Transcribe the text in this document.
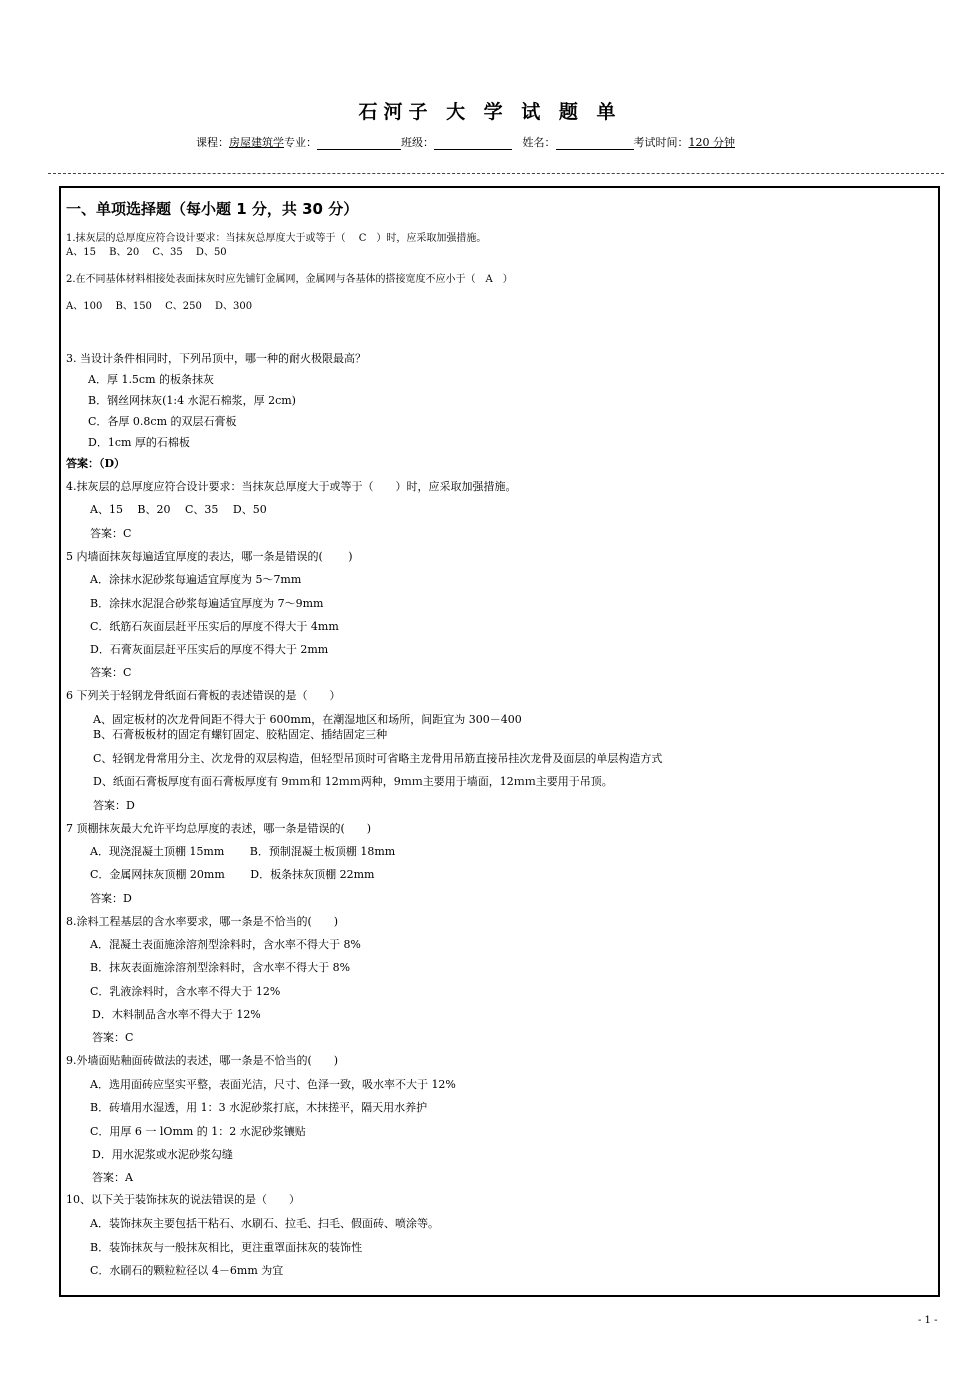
石河子 大 学 试 题 单
课程：房屋建筑学专业：	班级：	姓名：	考试时间：120 分钟
一、单项选择题（每小题 1 分，共 30 分）
1.抹灰层的总厚度应符合设计要求：当抹灰总厚度大于或等于（　 C　）时，应采取加强措施。
A、15　 B、20　 C、35　 D、50
2.在不同基体材料相接处表面抹灰时应先铺钉金属网，金属网与各基体的搭接宽度不应小于（　A　）
A、100　 B、150　 C、250　 D、300
3. 当设计条件相同时，下列吊顶中，哪一种的耐火极限最高？
A．厚 1.5cm 的板条抹灰
B．钢丝网抹灰(1:4 水泥石棉浆，厚 2cm)
C．各厚 0.8cm 的双层石膏板
D．1cm 厚的石棉板
答案：（D）
4.抹灰层的总厚度应符合设计要求：当抹灰总厚度大于或等于（　　）时，应采取加强措施。
A、15　 B、20　 C、35　 D、50
答案：C
5 内墙面抹灰每遍适宜厚度的表达，哪一条是错误的(　　 )
A．涂抹水泥砂浆每遍适宜厚度为 5～7mm
B．涂抹水泥混合砂浆每遍适宜厚度为 7～9mm
C．纸筋石灰面层赶平压实后的厚度不得大于 4mm
D．石膏灰面层赶平压实后的厚度不得大于 2mm
答案：C
6 下列关于轻钢龙骨纸面石膏板的表述错误的是（　　）
A、固定板材的次龙骨间距不得大于 600mm，在潮湿地区和场所，间距宜为 300－400
B、石膏板板材的固定有螺钉固定、胶粘固定、插结固定三种
C、轻钢龙骨常用分主、次龙骨的双层构造，但轻型吊顶时可省略主龙骨用吊筋直接吊挂次龙骨及面层的单层构造方式
D、纸面石膏板厚度有面石膏板厚度有 9ｍｍ和 12ｍｍ两种，9ｍｍ主要用于墙面，12ｍｍ主要用于吊顶。
答案：D
7 顶棚抹灰最大允许平均总厚度的表述，哪一条是错误的(　　)
A．现浇混凝土顶棚 15mm　　 B．预制混凝土板顶棚 18mm
C．金属网抹灰顶棚 20mm　　 D．板条抹灰顶棚 22mm
答案：D
8.涂料工程基层的含水率要求，哪一条是不恰当的(　　)
A．混凝土表面施涂溶剂型涂料时，含水率不得大于 8%
B．抹灰表面施涂溶剂型涂料时，含水率不得大于 8%
C．乳液涂料时，含水率不得大于 12%
D．木料制品含水率不得大于 12%
答案：C
9.外墙面贴釉面砖做法的表述，哪一条是不恰当的(　　)
A．选用面砖应坚实平整，表面光洁，尺寸、色泽一致，吸水率不大于 12%
B．砖墙用水湿透，用 1：3 水泥砂浆打底，木抹搓平，隔天用水养护
C．用厚 6 一 lOmm 的 1：2 水泥砂浆镶贴
D．用水泥浆或水泥砂浆勾缝
答案：A
10、以下关于装饰抹灰的说法错误的是（　　）
A．装饰抹灰主要包括干粘石、水刷石、拉毛、扫毛、假面砖、喷涂等。
B．装饰抹灰与一般抹灰相比，更注重罩面抹灰的装饰性
C．水刷石的颗粒粒径以 4－6mm 为宜
- 1 -
